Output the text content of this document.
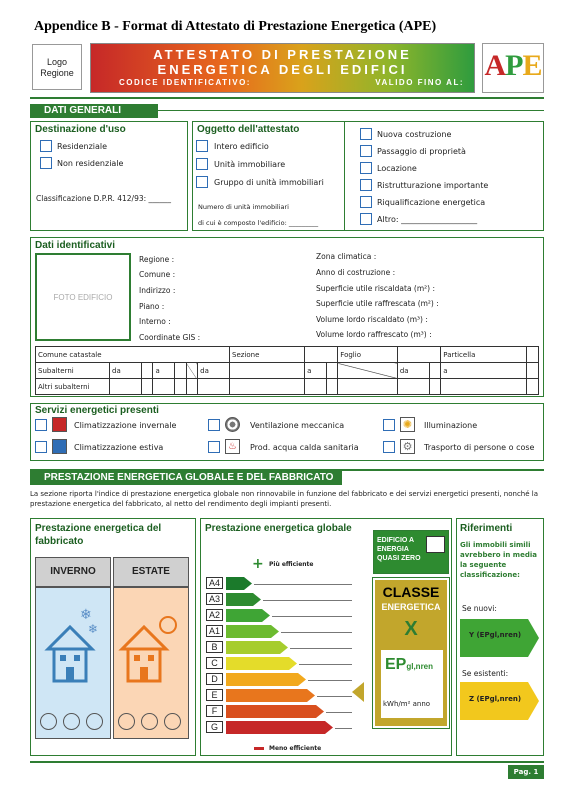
Appendice B - Format di Attestato di Prestazione Energetica (APE)
Logo Regione
ATTESTATO DI PRESTAZIONE
ENERGETICA DEGLI EDIFICI
CODICE IDENTIFICATIVO:	VALIDO FINO AL:
APE
DATI GENERALI
Destinazione d'uso
Residenziale
Non residenziale
Classificazione D.P.R. 412/93: ______
Oggetto dell'attestato
Intero edificio
Unità immobiliare
Gruppo di unità immobiliari
Numero di unità immobiliari
di cui è composto l'edificio: _________
Nuova costruzione
Passaggio di proprietà
Locazione
Ristrutturazione importante
Riqualificazione energetica
Altro: ___________________
Dati identificativi
FOTO EDIFICIO
Regione :
Comune :
Indirizzo :
Piano :
Interno :
Coordinate GIS :
Zona climatica :
Anno di costruzione :
Superficie utile riscaldata (m²) :
Superficie utile raffrescata (m²) :
Volume lordo riscaldato (m³) :
Volume lordo raffrescato (m³) :
Comune catastale							Sezione			Foglio			Particella	
Subalterni	da		a			da		a			da		a	
Altri subalterni														
Servizi energetici presenti
Climatizzazione invernale
Climatizzazione estiva
Ventilazione meccanica
♨	Prod. acqua calda sanitaria
✺	Illuminazione
⚙	Trasporto di persone o cose
PRESTAZIONE ENERGETICA GLOBALE E DEL FABBRICATO
La sezione riporta l'indice di prestazione energetica globale non rinnovabile in funzione del fabbricato e dei servizi energetici presenti, nonché la prestazione energetica del fabbricato, al netto del rendimento degli impianti presenti.
Prestazione energetica del fabbricato
INVERNO	ESTATE
❄
❄
Prestazione energetica globale
+ Più efficiente
A4
A3
A2
A1
B
C
D
E
F
G
Meno efficiente
EDIFICIO A ENERGIA QUASI ZERO
CLASSE
ENERGETICA
X
EPgl,nren
kWh/m² anno
Riferimenti
Gli immobili simili avrebbero in media la seguente classificazione:
Se nuovi:
Y (EPgl,nren)
Se esistenti:
Z (EPgl,nren)
Pag. 1
